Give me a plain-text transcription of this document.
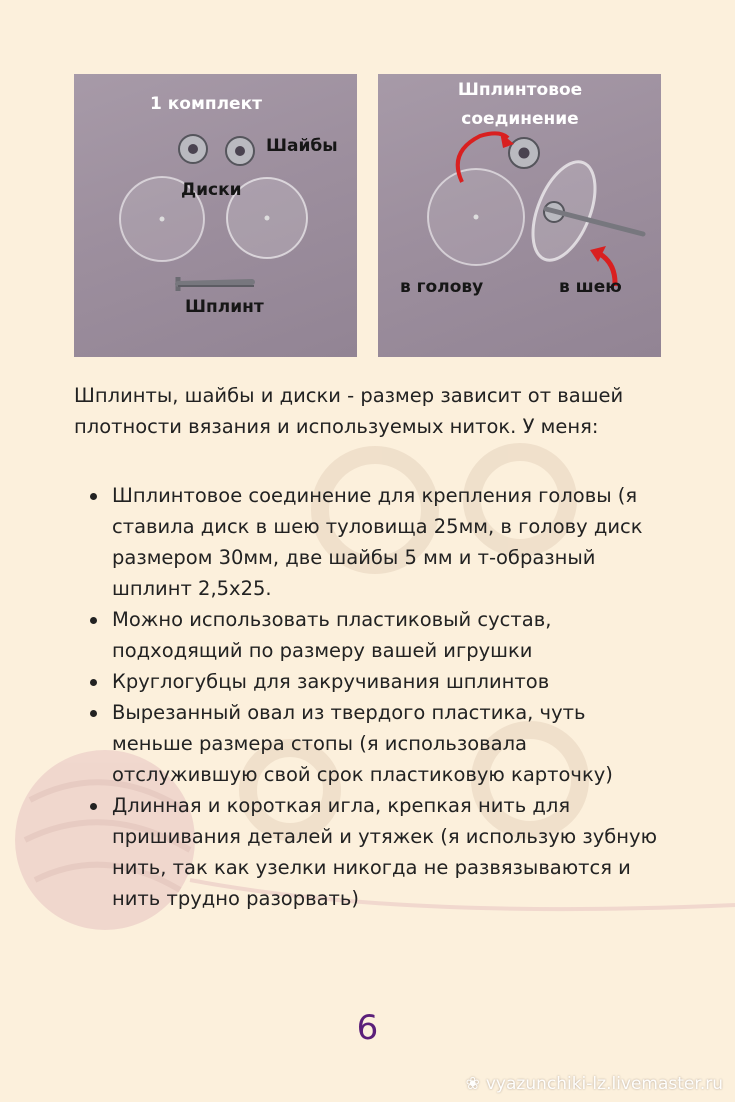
1 комплект
Шайбы
Диски
Шплинт
Шплинтовое
соединение
в голову	в шею
Шплинты, шайбы и диски - размер зависит от вашей плотности вязания и используемых ниток. У меня:
Шплинтовое соединение для крепления головы (я ставила диск в шею туловища 25мм, в голову диск размером 30мм, две шайбы 5 мм и т-образный шплинт 2,5х25.
Можно использовать пластиковый сустав, подходящий по размеру вашей игрушки
Круглогубцы для закручивания шплинтов
Вырезанный овал из твердого пластика, чуть меньше размера стопы (я использовала отслужившую свой срок пластиковую карточку)
Длинная и короткая игла, крепкая нить для пришивания деталей и утяжек (я использую зубную нить, так как узелки никогда не развязываются и нить трудно разорвать)
6
❀ vyazunchiki-lz.livemaster.ru
